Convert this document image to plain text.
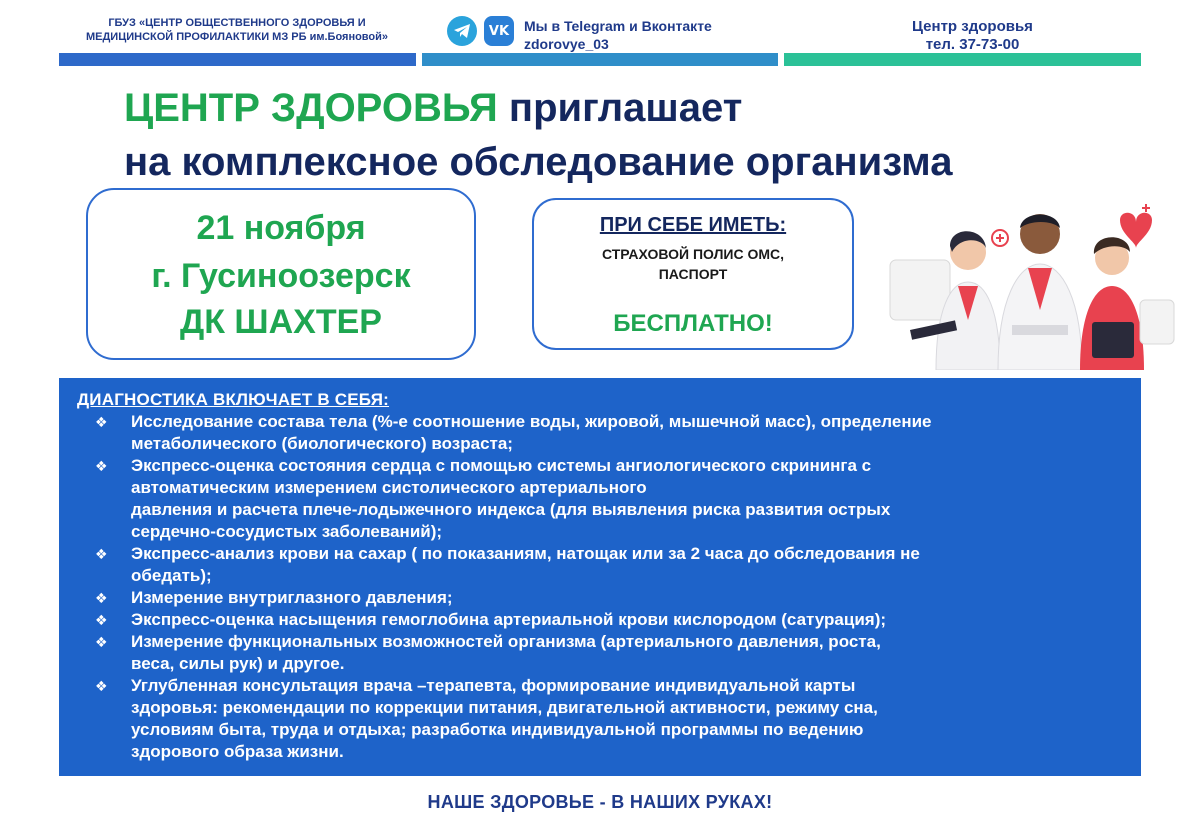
ГБУЗ «ЦЕНТР ОБЩЕСТВЕННОГО ЗДОРОВЬЯ И
МЕДИЦИНСКОЙ ПРОФИЛАКТИКИ МЗ РБ им.Бояновой»	VK Мы в Telegram и Вконтакте
zdorovye_03
Центр здоровья
тел. 37-73-00
ЦЕНТР ЗДОРОВЬЯ приглашает
на комплексное обследование организма
21 ноября
г. Гусиноозерск
ДК ШАХТЕР
ПРИ СЕБЕ ИМЕТЬ:
СТРАХОВОЙ ПОЛИС ОМС,
ПАСПОРТ
БЕСПЛАТНО!
ДИАГНОСТИКА ВКЛЮЧАЕТ В СЕБЯ:
❖ Исследование состава тела (%-е соотношение воды, жировой, мышечной масс), определение
метаболического (биологического) возраста;
❖ Экспресс-оценка состояния сердца с помощью системы ангиологического скрининга с
автоматическим измерением систолического артериального
давления и расчета плече-лодыжечного индекса (для выявления риска развития острых
сердечно-сосудистых заболеваний);
❖ Экспресс-анализ крови на сахар ( по показаниям, натощак или за 2 часа до обследования не
обедать);
❖ Измерение внутриглазного давления;
❖ Экспресс-оценка насыщения гемоглобина артериальной крови кислородом (сатурация);
❖ Измерение функциональных возможностей организма (артериального давления, роста,
веса, силы рук) и другое.
❖ Углубленная консультация врача –терапевта, формирование индивидуальной карты
здоровья: рекомендации по коррекции питания, двигательной активности, режиму сна,
условиям быта, труда и отдыха; разработка индивидуальной программы по ведению
здорового образа жизни.
НАШЕ ЗДОРОВЬЕ - В НАШИХ РУКАХ!
